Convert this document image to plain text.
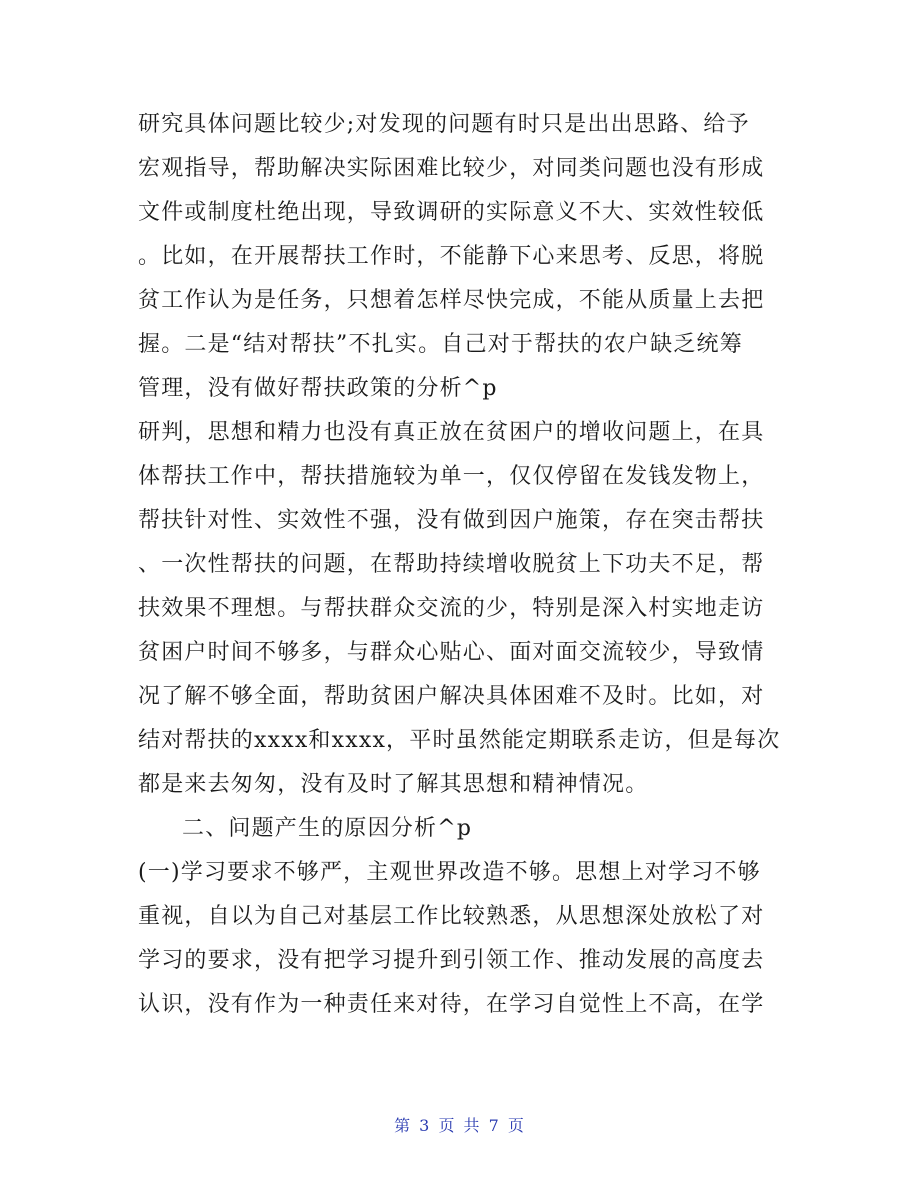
研究具体问题比较少;对发现的问题有时只是出出思路、给予
宏观指导，帮助解决实际困难比较少，对同类问题也没有形成
文件或制度杜绝出现，导致调研的实际意义不大、实效性较低
。比如，在开展帮扶工作时，不能静下心来思考、反思，将脱
贫工作认为是任务，只想着怎样尽快完成，不能从质量上去把
握。二是“结对帮扶”不扎实。自己对于帮扶的农户缺乏统筹
管理，没有做好帮扶政策的分析^p
研判，思想和精力也没有真正放在贫困户的增收问题上，在具
体帮扶工作中，帮扶措施较为单一，仅仅停留在发钱发物上，
帮扶针对性、实效性不强，没有做到因户施策，存在突击帮扶
、一次性帮扶的问题，在帮助持续增收脱贫上下功夫不足，帮
扶效果不理想。与帮扶群众交流的少，特别是深入村实地走访
贫困户时间不够多，与群众心贴心、面对面交流较少，导致情
况了解不够全面，帮助贫困户解决具体困难不及时。比如，对
结对帮扶的xxxx和xxxx，平时虽然能定期联系走访，但是每次
都是来去匆匆，没有及时了解其思想和精神情况。
二、问题产生的原因分析^p
(一)学习要求不够严，主观世界改造不够。思想上对学习不够
重视，自以为自己对基层工作比较熟悉，从思想深处放松了对
学习的要求，没有把学习提升到引领工作、推动发展的高度去
认识，没有作为一种责任来对待，在学习自觉性上不高，在学
第 3 页 共 7 页
